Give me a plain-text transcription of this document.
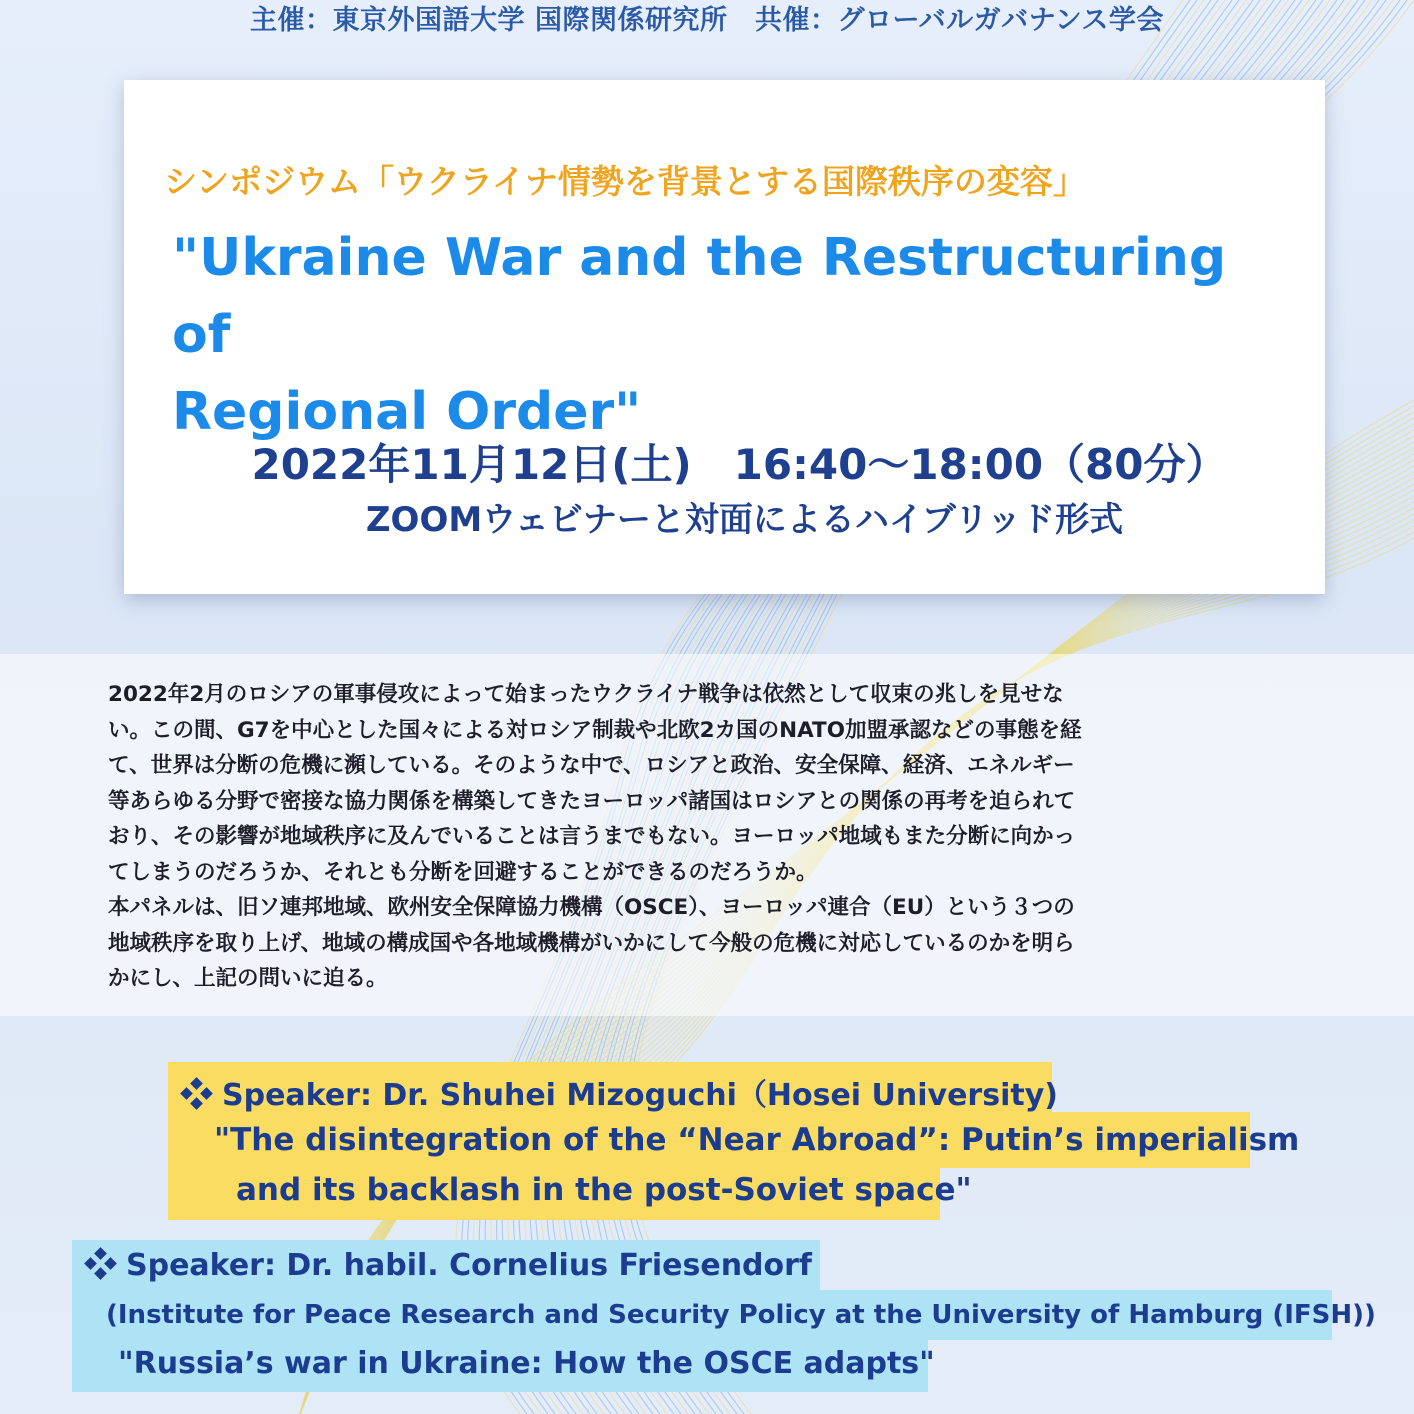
主催：東京外国語大学 国際関係研究所　共催：グローバルガバナンス学会
シンポジウム「ウクライナ情勢を背景とする国際秩序の変容」
"Ukraine War and the Restructuring of
Regional Order"
2022年11月12日(土)　16:40～18:00（80分）
ZOOMウェビナーと対面によるハイブリッド形式

2022年2月のロシアの軍事侵攻によって始まったウクライナ戦争は依然として収束の兆しを見せな

い。この間、G7を中心とした国々による対ロシア制裁や北欧2カ国のNATO加盟承認などの事態を経

て、世界は分断の危機に瀕している。そのような中で、ロシアと政治、安全保障、経済、エネルギー

等あらゆる分野で密接な協力関係を構築してきたヨーロッパ諸国はロシアとの関係の再考を迫られて

おり、その影響が地域秩序に及んでいることは言うまでもない。ヨーロッパ地域もまた分断に向かっ

てしまうのだろうか、それとも分断を回避することができるのだろうか。

本パネルは、旧ソ連邦地域、欧州安全保障協力機構（OSCE）、ヨーロッパ連合（EU）という３つの

地域秩序を取り上げ、地域の構成国や各地域機構がいかにして今般の危機に対応しているのかを明ら

かにし、上記の問いに迫る。

Speaker: Dr. Shuhei Mizoguchi（Hosei University)
"The disintegration of the “Near Abroad”: Putin’s imperialism
and its backlash in the post-Soviet space"
Speaker: Dr. habil. Cornelius Friesendorf
(Institute for Peace Research and Security Policy at the University of Hamburg (IFSH))
"Russia’s war in Ukraine: How the OSCE adapts"
